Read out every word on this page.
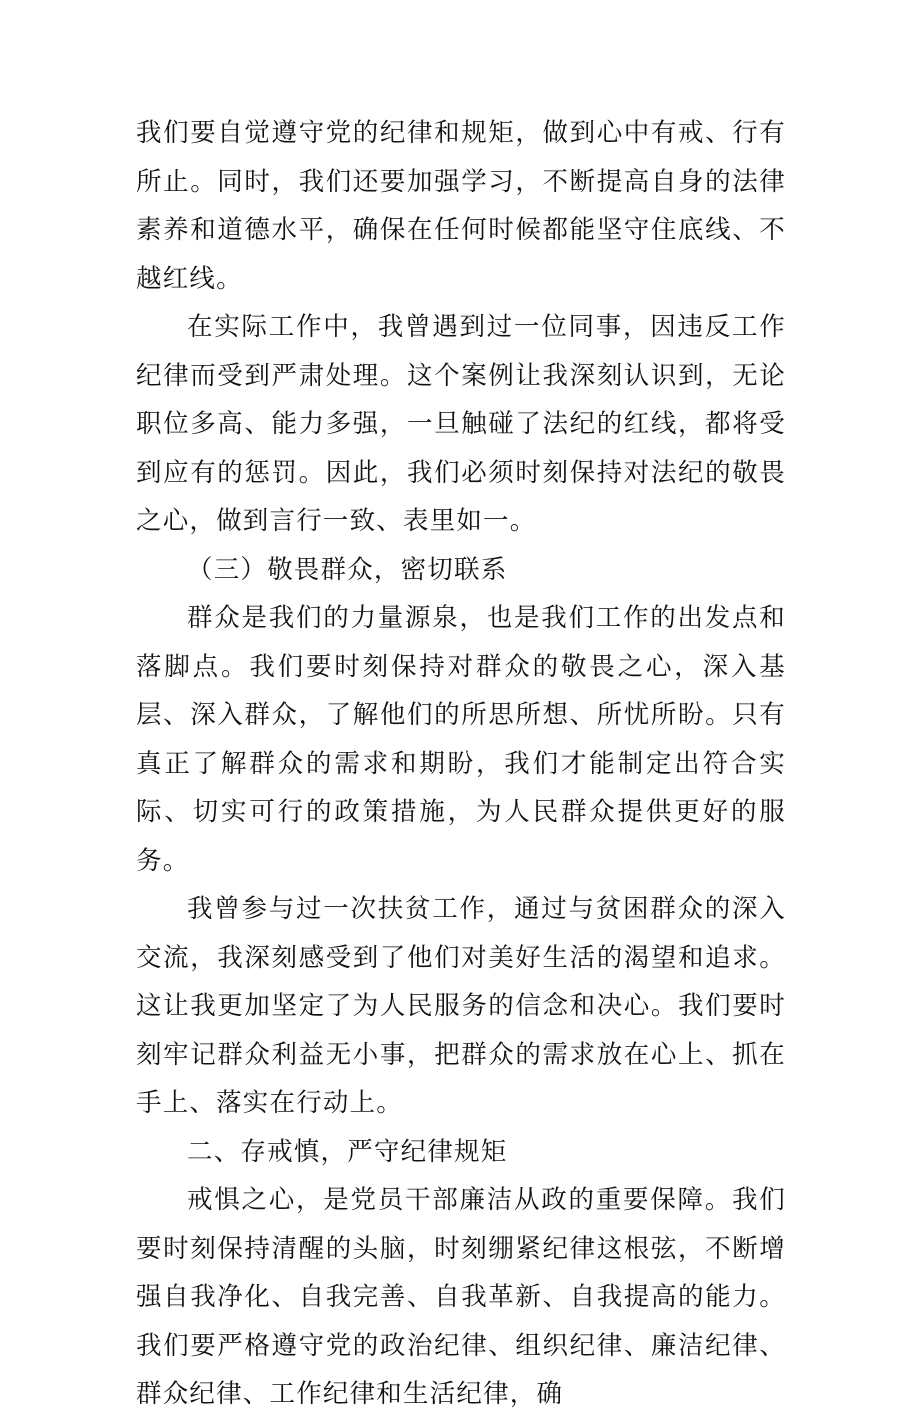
我们要自觉遵守党的纪律和规矩，做到心中有戒、行有所止。同时，我们还要加强学习，不断提高自身的法律素养和道德水平，确保在任何时候都能坚守住底线、不越红线。

在实际工作中，我曾遇到过一位同事，因违反工作纪律而受到严肃处理。这个案例让我深刻认识到，无论职位多高、能力多强，一旦触碰了法纪的红线，都将受到应有的惩罚。因此，我们必须时刻保持对法纪的敬畏之心，做到言行一致、表里如一。

（三）敬畏群众，密切联系

群众是我们的力量源泉，也是我们工作的出发点和落脚点。我们要时刻保持对群众的敬畏之心，深入基层、深入群众，了解他们的所思所想、所忧所盼。只有真正了解群众的需求和期盼，我们才能制定出符合实际、切实可行的政策措施，为人民群众提供更好的服务。

我曾参与过一次扶贫工作，通过与贫困群众的深入交流，我深刻感受到了他们对美好生活的渴望和追求。这让我更加坚定了为人民服务的信念和决心。我们要时刻牢记群众利益无小事，把群众的需求放在心上、抓在手上、落实在行动上。

二、存戒慎，严守纪律规矩

戒惧之心，是党员干部廉洁从政的重要保障。我们要时刻保持清醒的头脑，时刻绷紧纪律这根弦，不断增强自我净化、自我完善、自我革新、自我提高的能力。我们要严格遵守党的政治纪律、组织纪律、廉洁纪律、群众纪律、工作纪律和生活纪律，确
